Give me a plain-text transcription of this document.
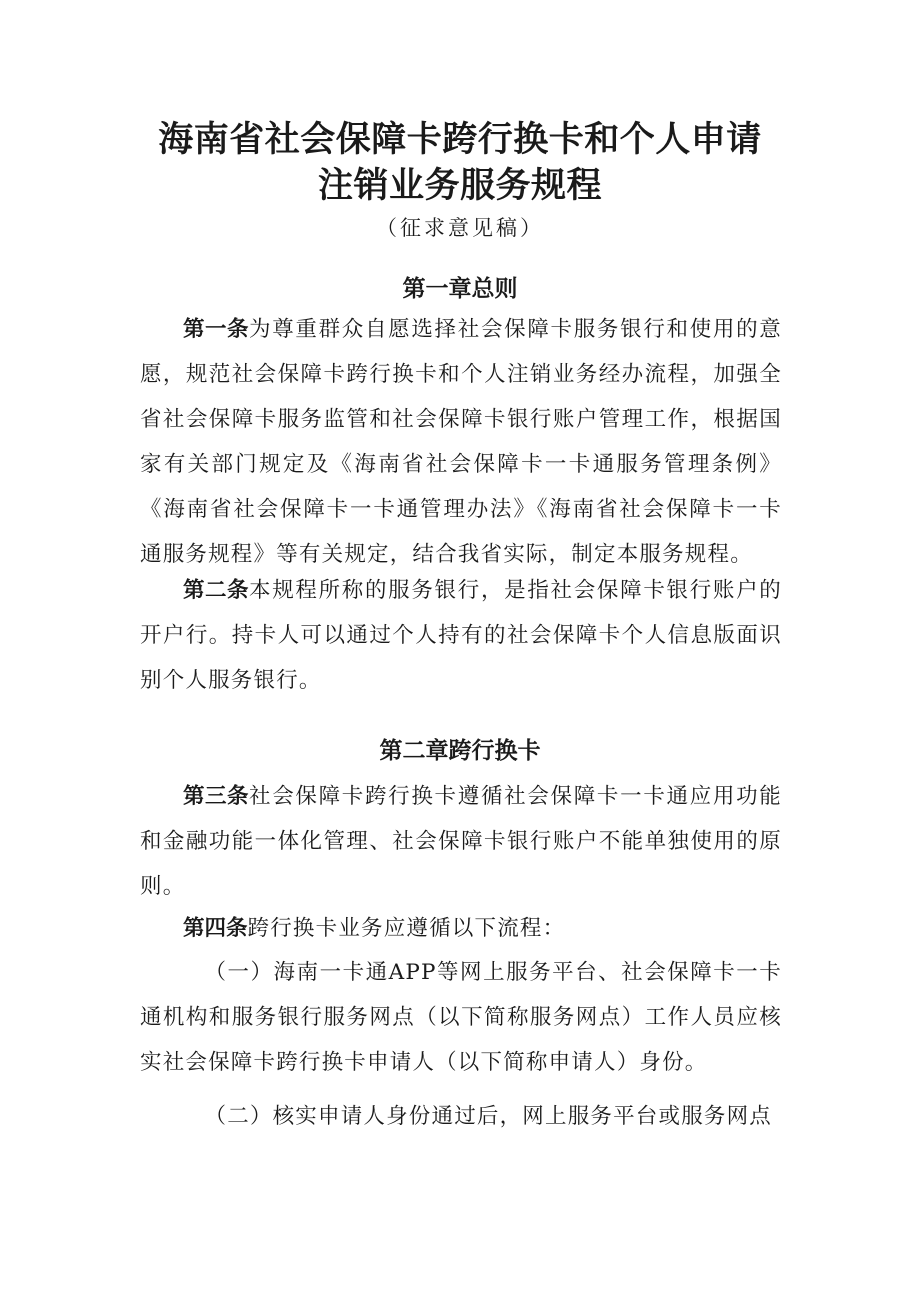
海南省社会保障卡跨行换卡和个人申请
注销业务服务规程
（征求意见稿）
第一章总则

第一条为尊重群众自愿选择社会保障卡服务银行和使用的意愿，规范社会保障卡跨行换卡和个人注销业务经办流程，加强全省社会保障卡服务监管和社会保障卡银行账户管理工作，根据国家有关部门规定及《海南省社会保障卡一卡通服务管理条例》《海南省社会保障卡一卡通管理办法》《海南省社会保障卡一卡通服务规程》等有关规定，结合我省实际，制定本服务规程。

第二条本规程所称的服务银行，是指社会保障卡银行账户的开户行。持卡人可以通过个人持有的社会保障卡个人信息版面识别个人服务银行。

第二章跨行换卡

第三条社会保障卡跨行换卡遵循社会保障卡一卡通应用功能和金融功能一体化管理、社会保障卡银行账户不能单独使用的原则。

第四条跨行换卡业务应遵循以下流程：

（一）海南一卡通APP等网上服务平台、社会保障卡一卡通机构和服务银行服务网点（以下简称服务网点）工作人员应核实社会保障卡跨行换卡申请人（以下简称申请人）身份。

（二）核实申请人身份通过后，网上服务平台或服务网点
